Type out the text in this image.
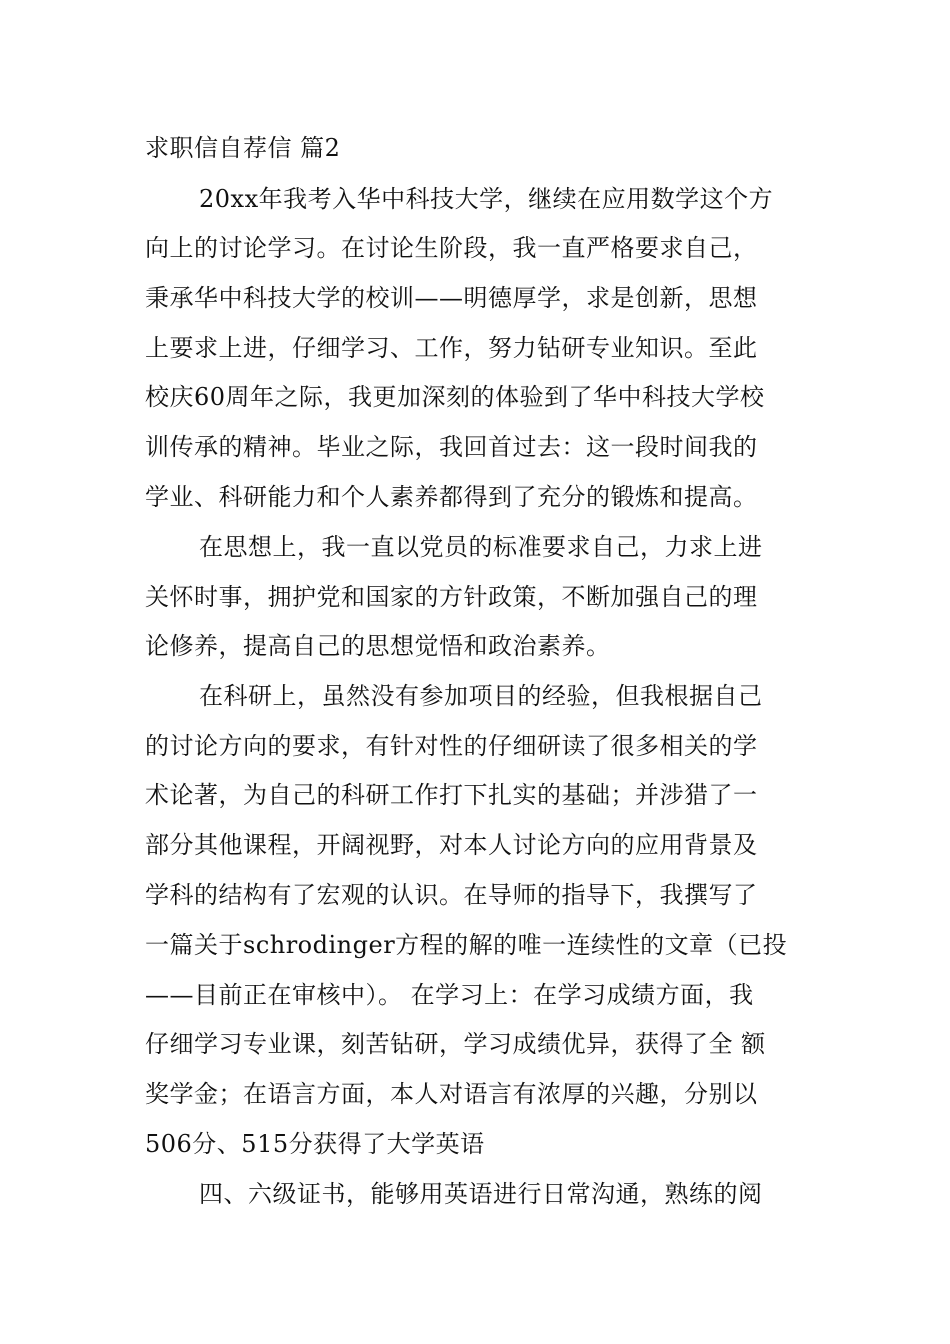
求职信自荐信 篇2
20xx年我考入华中科技大学，继续在应用数学这个方
向上的讨论学习。在讨论生阶段，我一直严格要求自己，
秉承华中科技大学的校训——明德厚学，求是创新，思想
上要求上进，仔细学习、工作，努力钻研专业知识。至此
校庆60周年之际，我更加深刻的体验到了华中科技大学校
训传承的精神。毕业之际，我回首过去：这一段时间我的
学业、科研能力和个人素养都得到了充分的锻炼和提高。
在思想上，我一直以党员的标准要求自己，力求上进
关怀时事，拥护党和国家的方针政策，不断加强自己的理
论修养，提高自己的思想觉悟和政治素养。
在科研上，虽然没有参加项目的经验，但我根据自己
的讨论方向的要求，有针对性的仔细研读了很多相关的学
术论著，为自己的科研工作打下扎实的基础；并涉猎了一
部分其他课程，开阔视野，对本人讨论方向的应用背景及
学科的结构有了宏观的认识。在导师的指导下，我撰写了
一篇关于schrodinger方程的解的唯一连续性的文章（已投
——目前正在审核中）。 在学习上：在学习成绩方面，我
仔细学习专业课，刻苦钻研，学习成绩优异，获得了全 额
奖学金；在语言方面，本人对语言有浓厚的兴趣，分别以
506分、515分获得了大学英语
四、六级证书，能够用英语进行日常沟通，熟练的阅
